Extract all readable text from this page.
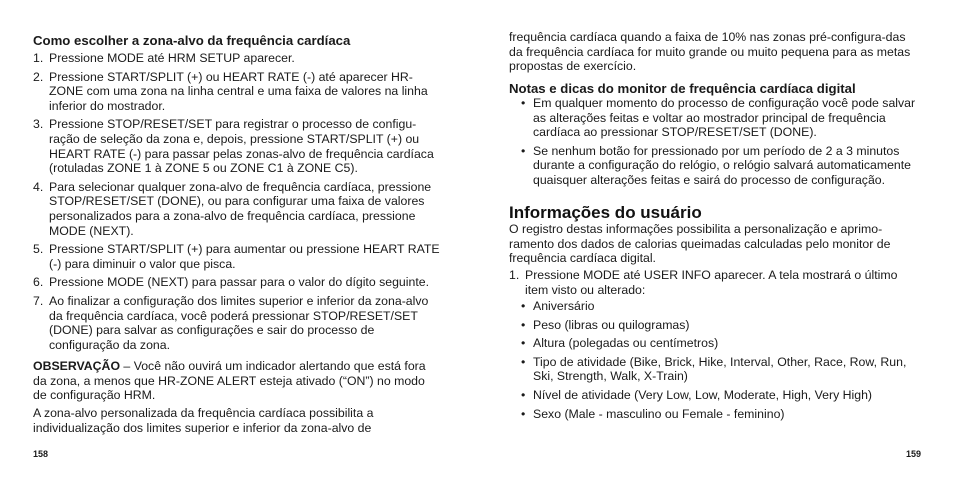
Como escolher a zona-alvo da frequência cardíaca
1. Pressione MODE até HRM SETUP aparecer.
2. Pressione START/SPLIT (+) ou HEART RATE (-) até aparecer HR-ZONE com uma zona na linha central e uma faixa de valores na linha inferior do mostrador.
3. Pressione STOP/RESET/SET para registrar o processo de configu-ração de seleção da zona e, depois, pressione START/SPLIT (+) ou HEART RATE (-) para passar pelas zonas-alvo de frequência cardíaca (rotuladas ZONE 1 à ZONE 5 ou ZONE C1 à ZONE C5).
4. Para selecionar qualquer zona-alvo de frequência cardíaca, pressione STOP/RESET/SET (DONE), ou para configurar uma faixa de valores personalizados para a zona-alvo de frequência cardíaca, pressione MODE (NEXT).
5. Pressione START/SPLIT (+) para aumentar ou pressione HEART RATE (-) para diminuir o valor que pisca.
6. Pressione MODE (NEXT) para passar para o valor do dígito seguinte.
7. Ao finalizar a configuração dos limites superior e inferior da zona-alvo da frequência cardíaca, você poderá pressionar STOP/RESET/SET (DONE) para salvar as configurações e sair do processo de configuração da zona.
OBSERVAÇÃO – Você não ouvirá um indicador alertando que está fora da zona, a menos que HR-ZONE ALERT esteja ativado (“ON”) no modo de configuração HRM.
A zona-alvo personalizada da frequência cardíaca possibilita a individualização dos limites superior e inferior da zona-alvo de
158
frequência cardíaca quando a faixa de 10% nas zonas pré-configura-das da frequência cardíaca for muito grande ou muito pequena para as metas propostas de exercício.
Notas e dicas do monitor de frequência cardíaca digital
• Em qualquer momento do processo de configuração você pode salvar as alterações feitas e voltar ao mostrador principal de frequência cardíaca ao pressionar STOP/RESET/SET (DONE).
• Se nenhum botão for pressionado por um período de 2 a 3 minutos durante a configuração do relógio, o relógio salvará automaticamente quaisquer alterações feitas e sairá do processo de configuração.
Informações do usuário
O registro destas informações possibilita a personalização e aprimo-ramento dos dados de calorias queimadas calculadas pelo monitor de frequência cardíaca digital.
1. Pressione MODE até USER INFO aparecer. A tela mostrará o último item visto ou alterado:
• Aniversário
• Peso (libras ou quilogramas)
• Altura (polegadas ou centímetros)
• Tipo de atividade (Bike, Brick, Hike, Interval, Other, Race, Row, Run, Ski, Strength, Walk, X-Train)
• Nível de atividade (Very Low, Low, Moderate, High, Very High)
• Sexo (Male - masculino ou Female - feminino)
159
